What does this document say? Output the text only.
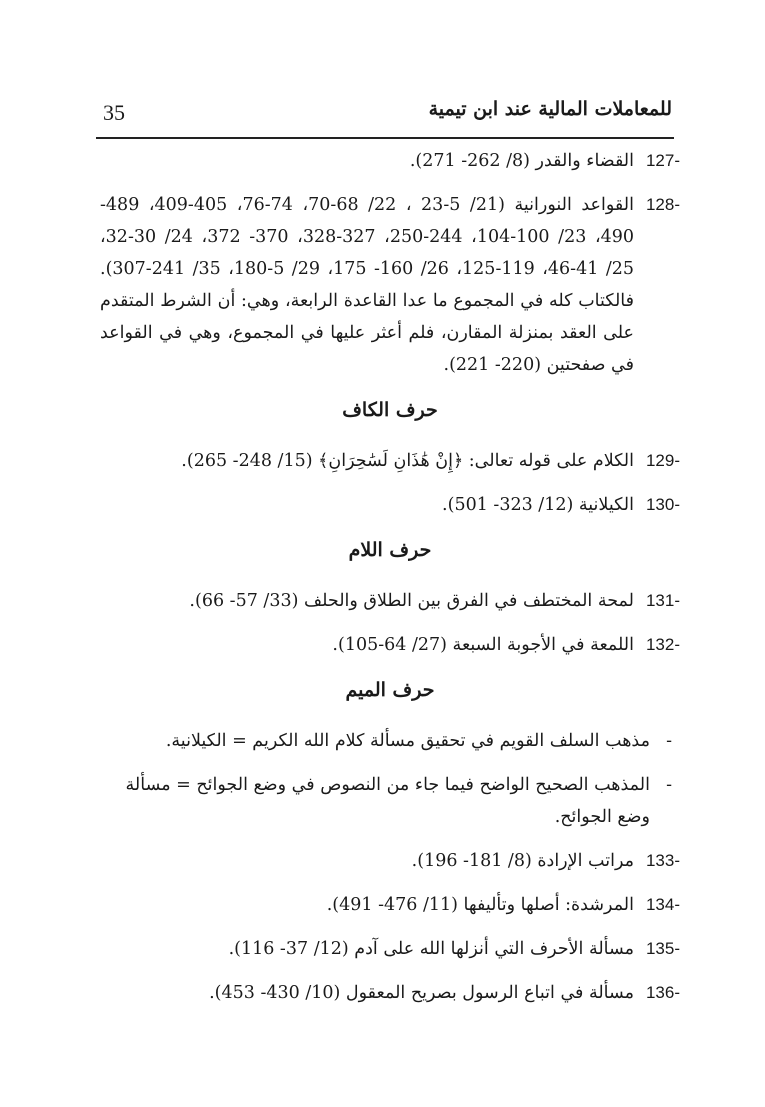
35	للمعاملات المالية عند ابن تيمية
127-
القضاء والقدر (8/ 262- 271).
128-
القواعد النورانية (21/ 5-23 ، 22/ 68-70، 74-76، 405-409، 489-490، 23/ 100-104، 244-250، 327-328، 370- 372، 24/ 30-32، 25/ 41-46، 119-125، 26/ 160- 175، 29/ 5-180، 35/ 241-307). فالكتاب كله في المجموع ما عدا القاعدة الرابعة، وهي: أن الشرط المتقدم على العقد بمنزلة المقارن، فلم أعثر عليها في المجموع، وهي في القواعد في صفحتين (220- 221).
حرف الكاف
129-
الكلام على قوله تعالى: ﴿إِنْ هَٰذَانِ لَسَٰحِرَانِ﴾ (15/ 248- 265).
130-
الكيلانية (12/ 323- 501).
حرف اللام
131-
لمحة المختطف في الفرق بين الطلاق والحلف (33/ 57- 66).
132-
اللمعة في الأجوبة السبعة (27/ 64-105).
حرف الميم
-
مذهب السلف القويم في تحقيق مسألة كلام الله الكريم = الكيلانية.
-
المذهب الصحيح الواضح فيما جاء من النصوص في وضع الجوائح = مسألة وضع الجوائح.
133-
مراتب الإرادة (8/ 181- 196).
134-
المرشدة: أصلها وتأليفها (11/ 476- 491).
135-
مسألة الأحرف التي أنزلها الله على آدم (12/ 37- 116).
136-
مسألة في اتباع الرسول بصريح المعقول (10/ 430- 453).
